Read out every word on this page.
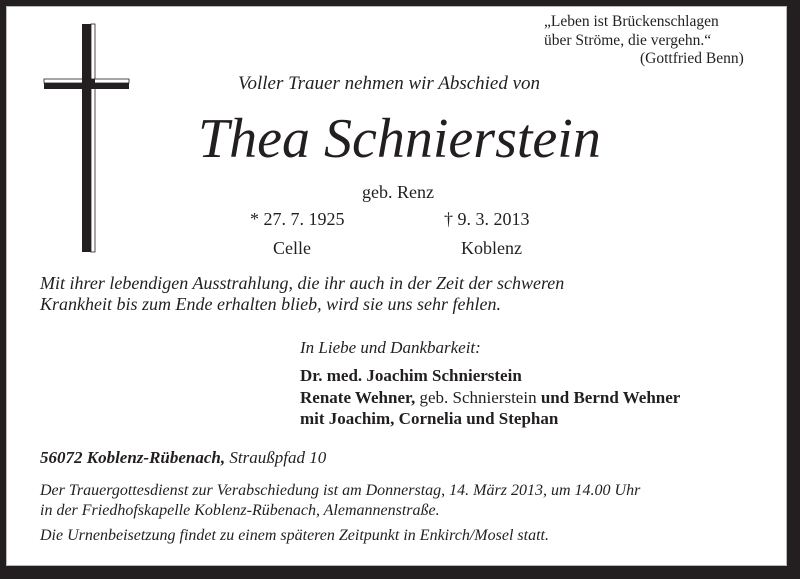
„Leben ist Brückenschlagen
über Ströme, die vergehn.“
(Gottfried Benn)
Voller Trauer nehmen wir Abschied von
Thea Schnierstein
geb. Renz
* 27. 7. 1925	† 9. 3. 2013
Celle	Koblenz
Mit ihrer lebendigen Ausstrahlung, die ihr auch in der Zeit der schweren
Krankheit bis zum Ende erhalten blieb, wird sie uns sehr fehlen.
In Liebe und Dankbarkeit:
Dr. med. Joachim Schnierstein
Renate Wehner, geb. Schnierstein und Bernd Wehner
mit Joachim, Cornelia und Stephan
56072 Koblenz-Rübenach, Straußpfad 10
Der Trauergottesdienst zur Verabschiedung ist am Donnerstag, 14. März 2013, um 14.00 Uhr
in der Friedhofskapelle Koblenz-Rübenach, Alemannenstraße.
Die Urnenbeisetzung findet zu einem späteren Zeitpunkt in Enkirch/Mosel statt.
